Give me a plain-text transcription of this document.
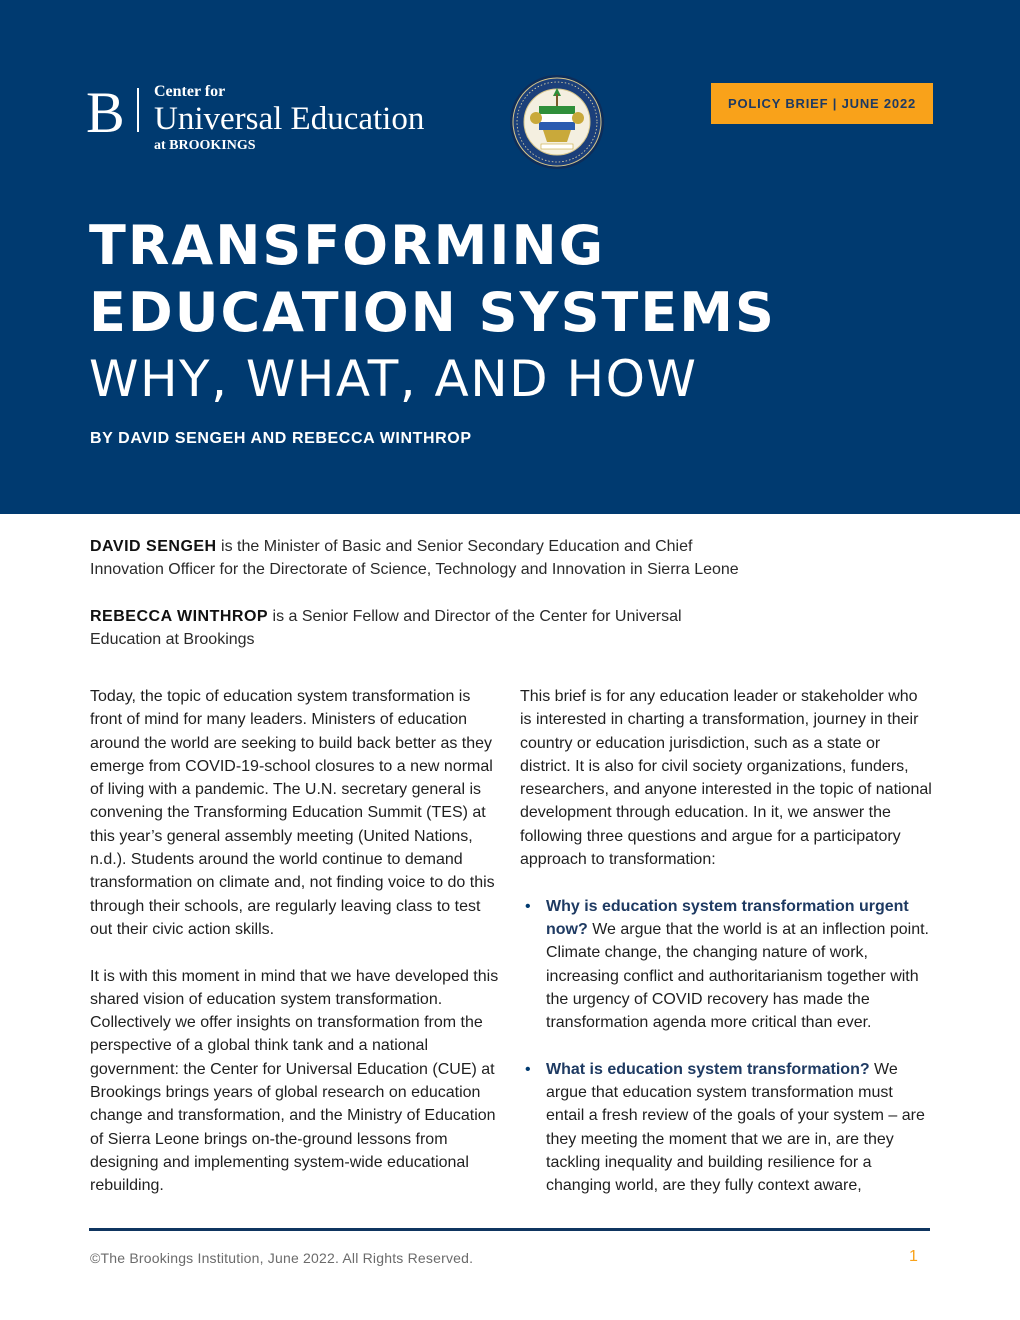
B Center for
Universal Education
at BROOKINGS
POLICY BRIEF | JUNE 2022
TRANSFORMING
EDUCATION SYSTEMS
WHY, WHAT, AND HOW
BY DAVID SENGEH AND REBECCA WINTHROP
DAVID SENGEH is the Minister of Basic and Senior Secondary Education and Chief Innovation Officer for the Directorate of Science, Technology and Innovation in Sierra Leone
REBECCA WINTHROP is a Senior Fellow and Director of the Center for Universal Education at Brookings

Today, the topic of education system transformation is front of mind for many leaders. Ministers of education around the world are seeking to build back better as they emerge from COVID-19-school closures to a new normal of living with a pandemic. The U.N. secretary general is convening the Transforming Education Summit (TES) at this year’s general assembly meeting (United Nations, n.d.). Students around the world continue to demand transformation on climate and, not finding voice to do this through their schools, are regularly leaving class to test out their civic action skills.

It is with this moment in mind that we have developed this shared vision of education system transformation. Collectively we offer insights on transformation from the perspective of a global think tank and a national government: the Center for Universal Education (CUE) at Brookings brings years of global research on education change and transformation, and the Ministry of Education of Sierra Leone brings on-the-ground lessons from designing and implementing system-wide educational rebuilding.

This brief is for any education leader or stakeholder who is interested in charting a transformation, journey in their country or education jurisdiction, such as a state or district. It is also for civil society organizations, funders, researchers, and anyone interested in the topic of national development through education. In it, we answer the following three questions and argue for a participatory approach to transformation:

• Why is education system transformation urgent now? We argue that the world is at an inflection point. Climate change, the changing nature of work, increasing conflict and authoritarianism together with the urgency of COVID recovery has made the transformation agenda more critical than ever.
• What is education system transformation? We argue that education system transformation must entail a fresh review of the goals of your system – are they meeting the moment that we are in, are they tackling inequality and building resilience for a changing world, are they fully context aware,
©The Brookings Institution, June 2022. All Rights Reserved.	1
